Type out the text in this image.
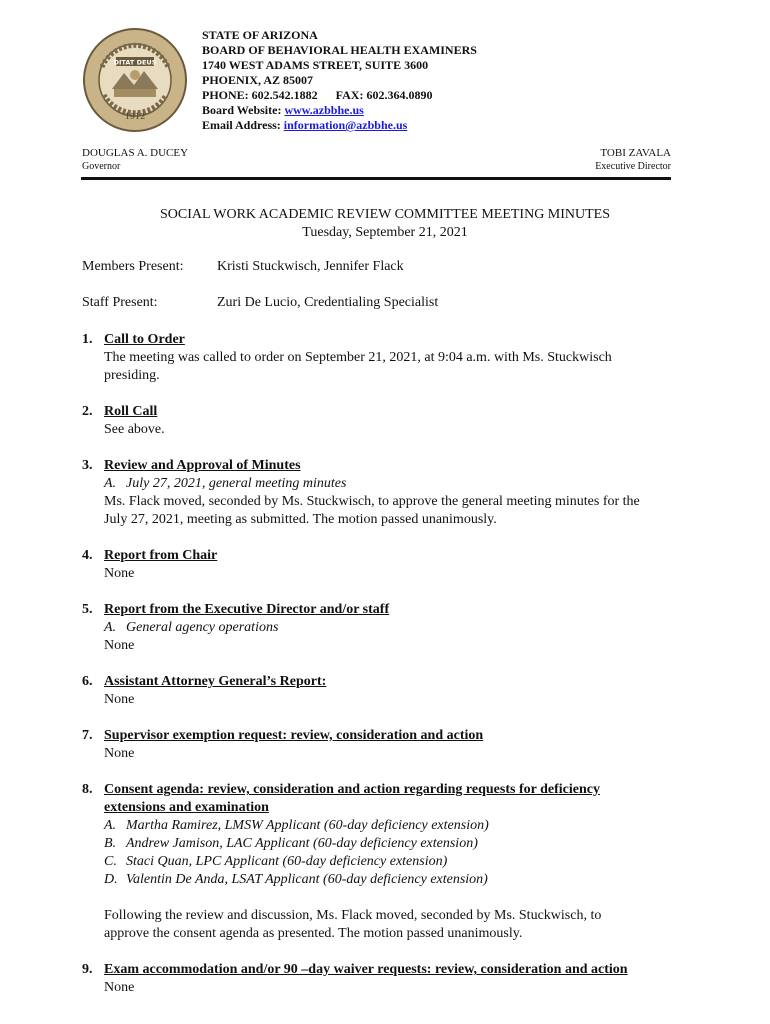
DITAT DEUS
1912
STATE OF ARIZONA
BOARD OF BEHAVIORAL HEALTH EXAMINERS
1740 WEST ADAMS STREET, SUITE 3600
PHOENIX, AZ 85007
PHONE: 602.542.1882 FAX: 602.364.0890
Board Website: www.azbbhe.us
Email Address: information@azbbhe.us
DOUGLAS A. DUCEY
Governor
TOBI ZAVALA
Executive Director
SOCIAL WORK ACADEMIC REVIEW COMMITTEE MEETING MINUTES
Tuesday, September 21, 2021
Members Present: Kristi Stuckwisch, Jennifer Flack
Staff Present:	Zuri De Lucio, Credentialing Specialist
1. Call to Order
The meeting was called to order on September 21, 2021, at 9:04 a.m. with Ms. Stuckwisch
presiding.
2. Roll Call
See above.
3. Review and Approval of Minutes
A. July 27, 2021, general meeting minutes
Ms. Flack moved, seconded by Ms. Stuckwisch, to approve the general meeting minutes for the
July 27, 2021, meeting as submitted. The motion passed unanimously.
4. Report from Chair
None
5. Report from the Executive Director and/or staff
A. General agency operations
None
6. Assistant Attorney General’s Report:
None
7. Supervisor exemption request: review, consideration and action
None
8. Consent agenda: review, consideration and action regarding requests for deficiency
extensions and examination
A. Martha Ramirez, LMSW Applicant (60-day deficiency extension)
B. Andrew Jamison, LAC Applicant (60-day deficiency extension)
C. Staci Quan, LPC Applicant (60-day deficiency extension)
D. Valentin De Anda, LSAT Applicant (60-day deficiency extension)
Following the review and discussion, Ms. Flack moved, seconded by Ms. Stuckwisch, to
approve the consent agenda as presented. The motion passed unanimously.
9. Exam accommodation and/or 90 –day waiver requests: review, consideration and action
None
